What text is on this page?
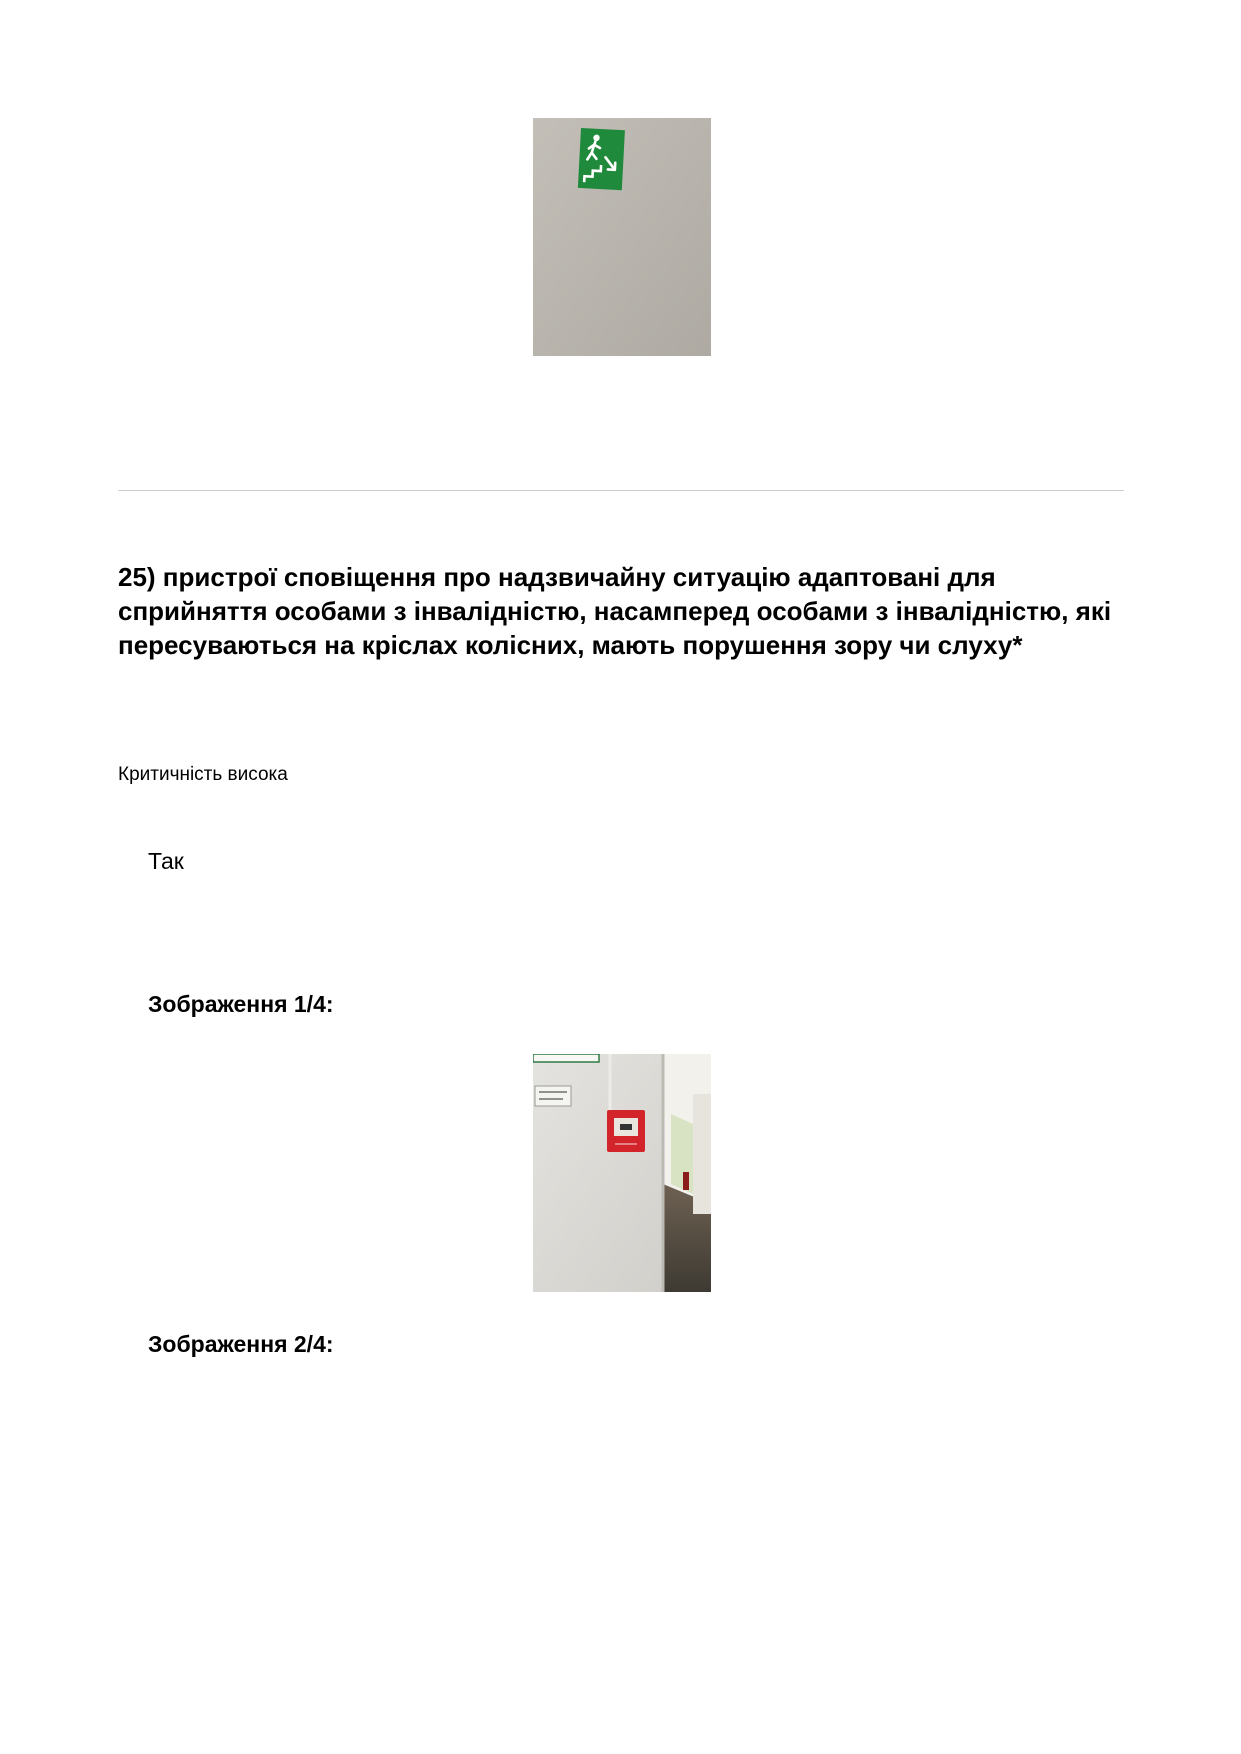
25) пристрої сповіщення про надзвичайну ситуацію адаптовані для сприйняття особами з інвалідністю, насамперед особами з інвалідністю, які пересуваються на кріслах колісних, мають порушення зору чи слуху*
Критичність висока
Так
Зображення 1/4:
Зображення 2/4:
